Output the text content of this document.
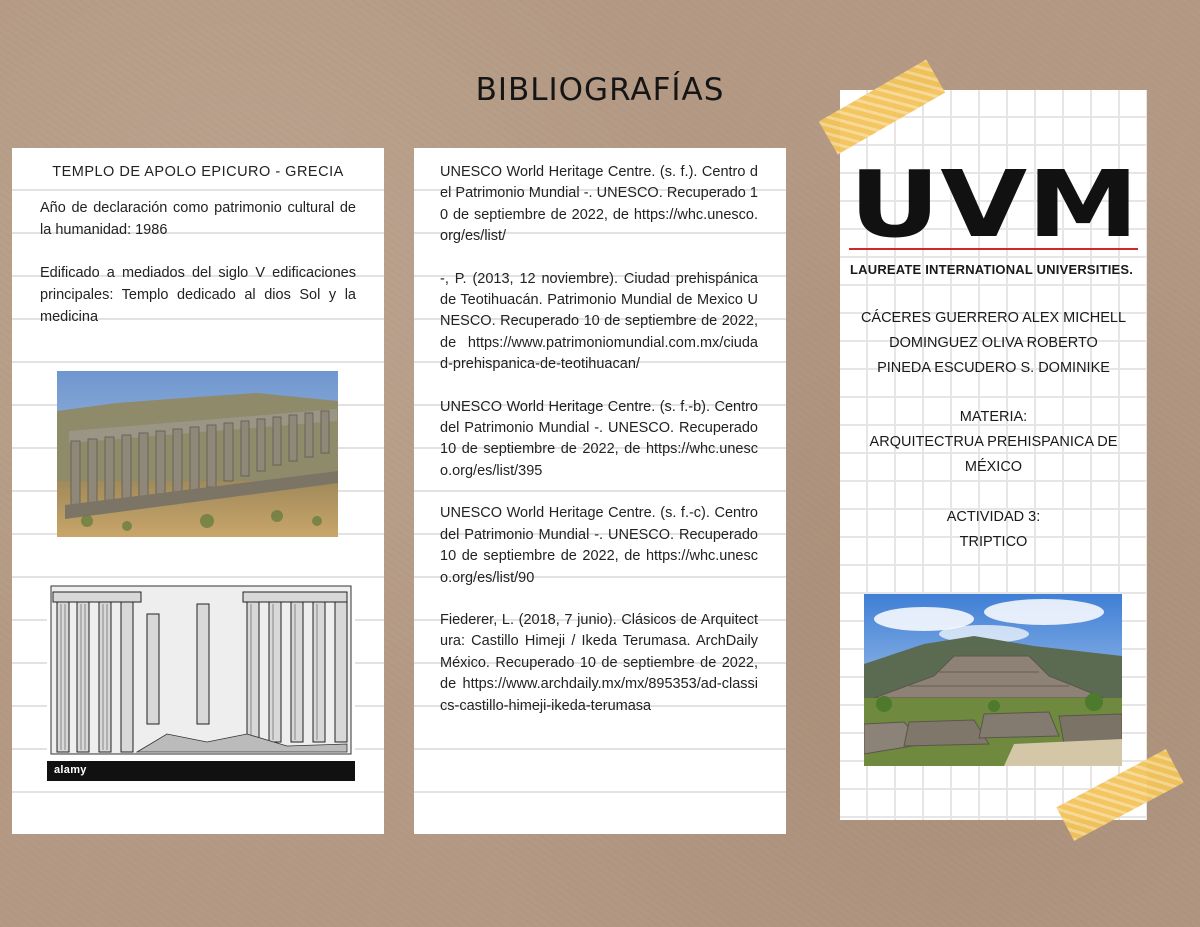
BIBLIOGRAFÍAS
TEMPLO DE APOLO EPICURO - GRECIA
Año de declaración como patrimonio cultural de la humanidad: 1986
Edificado a mediados del siglo V edificaciones principales: Templo dedicado al dios Sol y la medicina
alamy
UNESCO World Heritage Centre. (s. f.). Centro del Patrimonio Mundial -. UNESCO. Recuperado 10 de septiembre de 2022, de https://whc.unesco.org/es/list/
-, P. (2013, 12 noviembre). Ciudad prehispánica de Teotihuacán. Patrimonio Mundial de Mexico UNESCO. Recuperado 10 de septiembre de 2022, de https://www.patrimoniomundial.com.mx/ciudad-prehispanica-de-teotihuacan/
UNESCO World Heritage Centre. (s. f.-b). Centro del Patrimonio Mundial -. UNESCO. Recuperado 10 de septiembre de 2022, de https://whc.unesco.org/es/list/395
UNESCO World Heritage Centre. (s. f.-c). Centro del Patrimonio Mundial -. UNESCO. Recuperado 10 de septiembre de 2022, de https://whc.unesco.org/es/list/90
Fiederer, L. (2018, 7 junio). Clásicos de Arquitectura: Castillo Himeji / Ikeda Terumasa. ArchDaily México. Recuperado 10 de septiembre de 2022, de https://www.archdaily.mx/mx/895353/ad-classics-castillo-himeji-ikeda-terumasa
UVM
LAUREATE INTERNATIONAL UNIVERSITIES.
CÁCERES GUERRERO ALEX MICHELL
DOMINGUEZ OLIVA ROBERTO
PINEDA ESCUDERO S. DOMINIKE
MATERIA:
ARQUITECTRUA PREHISPANICA DE MÉXICO
ACTIVIDAD 3:
TRIPTICO
